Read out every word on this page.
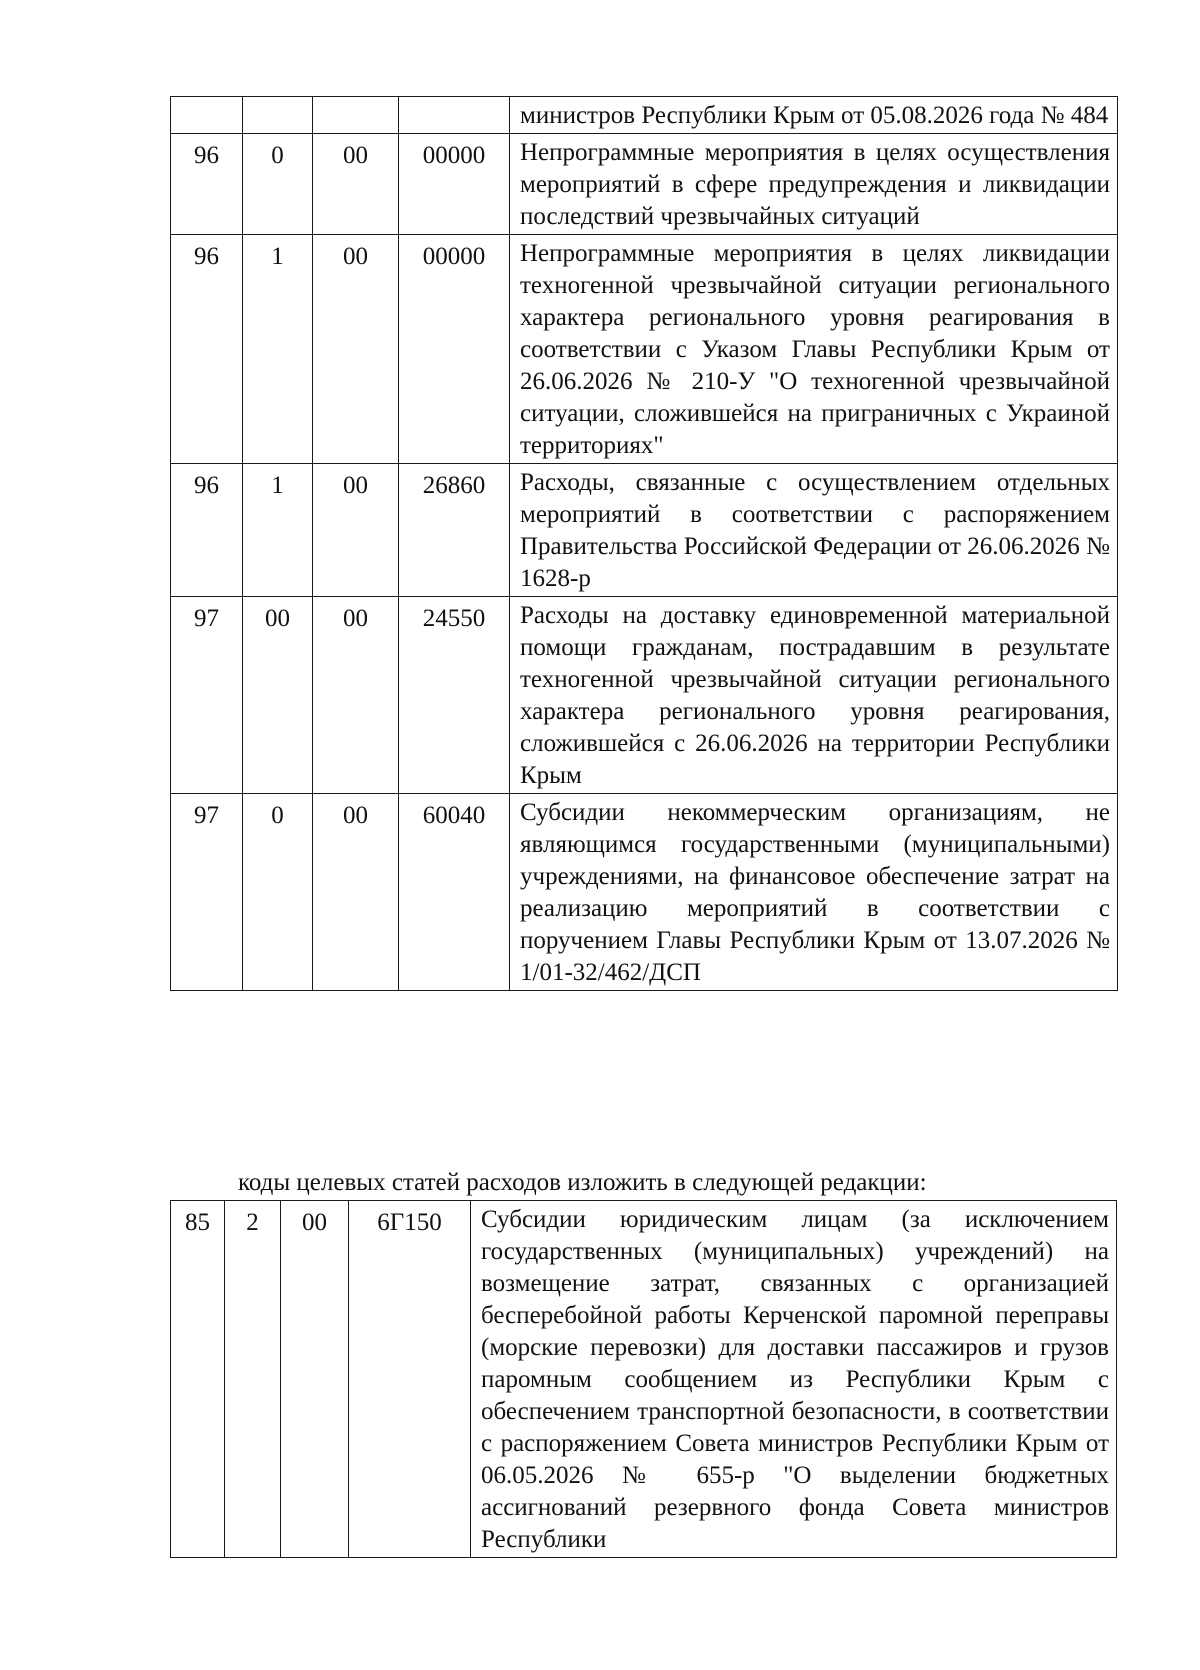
				министров Республики Крым от 05.08.2026 года № 484
96	0	00	00000	Непрограммные мероприятия в целях осуществления мероприятий в сфере предупреждения и ликвидации последствий чрезвычайных ситуаций
96	1	00	00000	Непрограммные мероприятия в целях ликвидации техногенной чрезвычайной ситуации регионального характера регионального уровня реагирования в соответствии с Указом Главы Республики Крым от 26.06.2026 № 210-У "О техногенной чрезвычайной ситуации, сложившейся на приграничных с Украиной территориях"
96	1	00	26860	Расходы, связанные с осуществлением отдельных мероприятий в соответствии с распоряжением Правительства Российской Федерации от 26.06.2026 № 1628-р
97	00	00	24550	Расходы на доставку единовременной материальной помощи гражданам, пострадавшим в результате техногенной чрезвычайной ситуации регионального характера регионального уровня реагирования, сложившейся с 26.06.2026 на территории Республики Крым
97	0	00	60040	Субсидии некоммерческим организациям, не являющимся государственными (муниципальными) учреждениями, на финансовое обеспечение затрат на реализацию мероприятий в соответствии с поручением Главы Республики Крым от 13.07.2026 № 1/01-32/462/ДСП

коды целевых статей расходов изложить в следующей редакции:

85	2	00	6Г150	Субсидии юридическим лицам (за исключением государственных (муниципальных) учреждений) на возмещение затрат, связанных с организацией бесперебойной работы Керченской паромной переправы (морские перевозки) для доставки пассажиров и грузов паромным сообщением из Республики Крым с обеспечением транспортной безопасности, в соответствии с распоряжением Совета министров Республики Крым от 06.05.2026 № 655-р "О выделении бюджетных ассигнований резервного фонда Совета министров Республики
